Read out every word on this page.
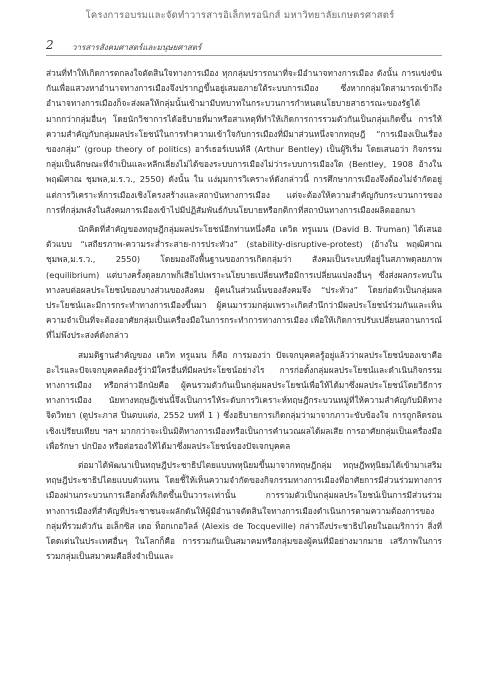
โครงการอบรมและจัดทำวารสารอิเล็กทรอนิกส์ มหาวิทยาลัยเกษตรศาสตร์
2 วารสารสังคมศาสตร์และมนุษยศาสตร์

ส่วนที่ทำให้เกิดการตกลงใจตัดสินใจทางการเมือง ทุกกลุ่มปรารถนาที่จะมีอำนาจทางการเมือง ดังนั้น การแข่งขันกันเพื่อแสวงหาอำนาจทางการเมืองจึงปรากฏขึ้นอยู่เสมอภายใต้ระบบการเมือง ซึ่งหากกลุ่มใดสามารถเข้าถึงอำนาจทางการเมืองก็จะส่งผลให้กลุ่มนั้นเข้ามามีบทบาทในกระบวนการกำหนดนโยบายสาธารณะของรัฐได้มากกว่ากลุ่มอื่นๆ โดยนักวิชาการได้อธิบายที่มาหรือสาเหตุที่ทำให้เกิดการการรวมตัวกันเป็นกลุ่มเกิดขึ้น การให้ความสำคัญกับกลุ่มผลประโยชน์ในการทำความเข้าใจกับการเมืองที่มีมาส่วนหนึ่งจากทฤษฎี “การเมืองเป็นเรื่องของกลุ่ม” (group theory of politics) อาร์เธอร์เบนท์ลี (Arthur Bentley) เป็นผู้ริเริ่ม โดยเสนอว่า กิจกรรมกลุ่มเป็นลักษณะที่จำเป็นและหลีกเลี่ยงไม่ได้ของระบบการเมืองไม่ว่าระบบการเมืองใด (Bentley, 1908 อ้างใน พฤฒิศาณ ชุมพล,ม.ร.ว., 2550) ดังนั้น ใน แง่มุมการวิเคราะห์ดังกล่าวนี้ การศึกษาการเมืองจึงต้องไม่จำกัดอยู่แต่การวิเคราะห์การเมืองเชิงโครงสร้างและสถาบันทางการเมือง แต่จะต้องให้ความสำคัญกับกระบวนการของการที่กลุ่มพลังในสังคมการเมืองเข้าไปมีปฏิสัมพันธ์กับนโยบายหรือกติกาที่สถาบันทางการเมืองผลิตออกมา

นักคิดที่สำคัญของทฤษฎีกลุ่มผลประโยชน์อีกท่านหนึ่งคือ เดวิด ทรูแมน (David B. Truman) ได้เสนอตัวแบบ “เสถียรภาพ-ความระส่ำระสาย-การประทัวง” (stability-disruptive-protest) (อ้างใน พฤฒิศาณชุมพล,ม.ร.ว., 2550) โดยมองถึงพื้นฐานของการเกิดกลุ่มว่า สังคมเป็นระบบที่อยู่ในสภาพดุลยภาพ (equilibrium) แต่บางครั้งดุลยภาพก็เสียไปเพราะนโยบายเปลี่ยนหรือมีการเปลี่ยนแปลงอื่นๆ ซึ่งส่งผลกระทบในทางลบต่อผลประโยชน์ของบางส่วนของสังคม ผู้คนในส่วนนั้นของสังคมจึง “ประท้วง” โดยก่อตัวเป็นกลุ่มผลประโยชน์และมีการกระทำทางการเมืองขึ้นมา ผู้คนมารวมกลุ่มเพราะเกิดสำนึกว่ามีผลประโยชน์ร่วมกันและเห็นความจำเป็นที่จะต้องอาศัยกลุ่มเป็นเครื่องมือในการกระทำการทางการเมือง เพื่อให้เกิดการปรับเปลี่ยนสถานการณ์ที่ไม่พึงประสงค์ดังกล่าว

สมมติฐานสำคัญของ เดวิท ทรูแมน ก็คือ การมองว่า ปัจเจกบุคคลรู้อยู่แล้วว่าผลประโยชน์ของเขาคืออะไรและปัจเจกบุคคลต้องรู้ว่ามีใครอื่นที่มีผลประโยชน์อย่างไร การก่อตั้งกลุ่มผลประโยชน์และดำเนินกิจกรรมทางการเมือง หรือกล่าวอีกนัยคือ ผู้คนรวมตัวกันเป็นกลุ่มผลประโยชน์เพื่อให้ได้มาซึ่งผลประโยชน์โดยวิธีการทางการเมือง นัยทางทฤษฎีเช่นนี้จึงเป็นการให้ระดับการวิเคราะห์ทฤษฎีกระบวนหมู่ที่ให้ความสำคัญกับมิติทางจิตวิทยา (ตูประภาส ปิ่นตบแต่ง, 2552 บทที่ 1 ) ซึ่งอธิบายการเกิดกลุ่มว่ามาจากภาวะขับข้องใจ การถูกลิดรอนเชิงเปรียบเทียบ ฯลฯ มากกว่าจะเป็นมิติทางการเมืองหรือเป็นการคำนวณผลได้ผลเสีย การอาศัยกลุ่มเป็นเครื่องมือเพื่อรักษา ปกป้อง หรือต่อรองให้ได้มาซึ่งผลประโยชน์ของปัจเจกบุคคล

ต่อมาได้พัฒนาเป็นทฤษฎีประชาธิปไตยแบบพหุนิยมขึ้นมาจากทฤษฎีกลุ่ม ทฤษฎีพหุนิยมได้เข้ามาเสริมทฤษฎีประชาธิปไตยแบบตัวแทน โดยชี้ให้เห็นความจำกัดของกิจกรรมทางการเมืองที่อาศัยการมีส่วนร่วมทางการเมืองผ่านกระบวนการเลือกตั้งที่เกิดขึ้นเป็นวาระเท่านั้น การรวมตัวเป็นกลุ่มผลประโยชน์เป็นการมีส่วนร่วมทางการเมืองที่สำคัญที่ประชาชนจะผลักดันให้ผู้มีอำนาจตัดสินใจทางการเมืองดำเนินการตามความต้องการของกลุ่มที่รวมตัวกัน อเล็กซิส เดอ ท็อกเกอวิลล์ (Alexis de Tocqueville) กล่าวถึงประชาธิปไตยในอเมริกาว่า สิ่งที่โดดเด่นในประเทศอื่นๆ ในโลกก็คือ การรวมกันเป็นสมาคมหรือกลุ่มของผู้คนที่มีอย่างมากมาย เสรีภาพในการรวมกลุ่มเป็นสมาคมคือสิ่งจำเป็นและ
